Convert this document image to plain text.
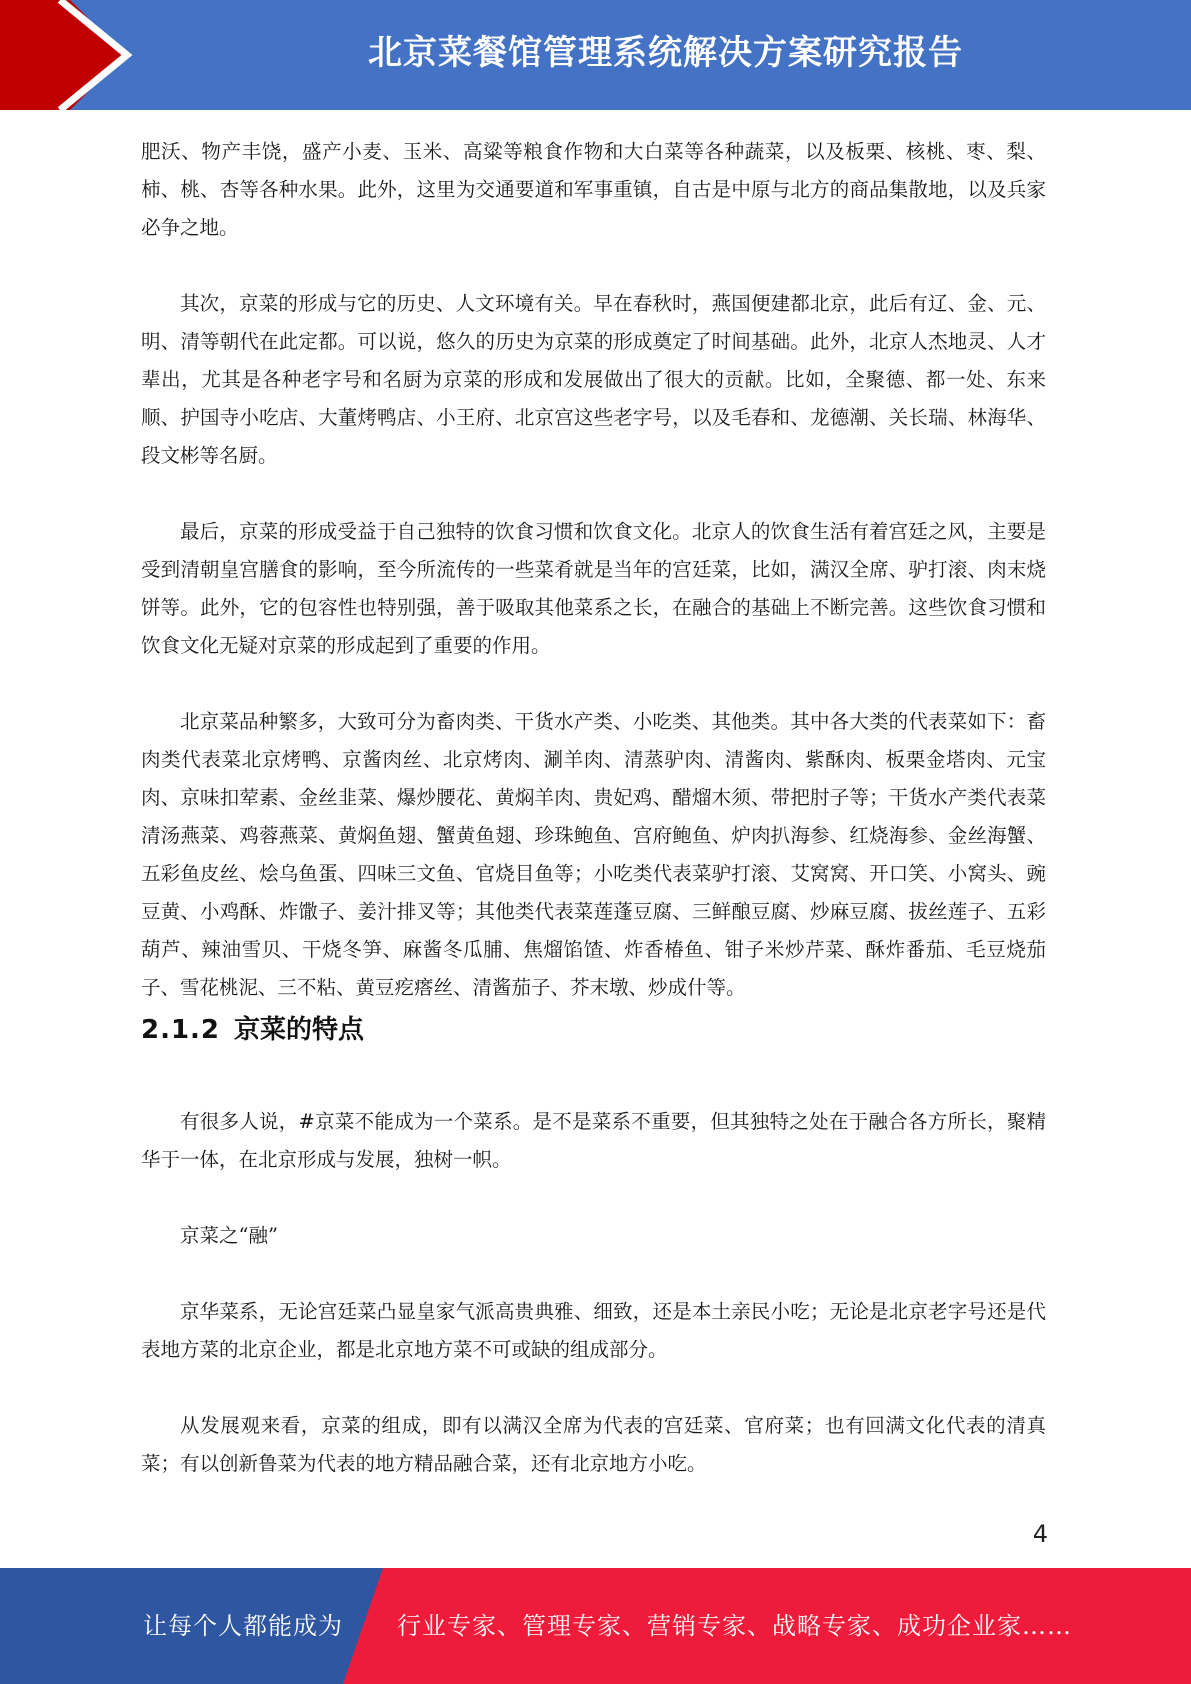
北京菜餐馆管理系统解决方案研究报告

肥沃、物产丰饶，盛产小麦、玉米、高粱等粮食作物和大白菜等各种蔬菜，以及板栗、核桃、枣、梨、柿、桃、杏等各种水果。此外，这里为交通要道和军事重镇，自古是中原与北方的商品集散地，以及兵家必争之地。

其次，京菜的形成与它的历史、人文环境有关。早在春秋时，燕国便建都北京，此后有辽、金、元、明、清等朝代在此定都。可以说，悠久的历史为京菜的形成奠定了时间基础。此外，北京人杰地灵、人才辈出，尤其是各种老字号和名厨为京菜的形成和发展做出了很大的贡献。比如，全聚德、都一处、东来顺、护国寺小吃店、大董烤鸭店、小王府、北京宫这些老字号，以及毛春和、龙德潮、关长瑞、林海华、段文彬等名厨。

最后，京菜的形成受益于自己独特的饮食习惯和饮食文化。北京人的饮食生活有着宫廷之风，主要是受到清朝皇宫膳食的影响，至今所流传的一些菜肴就是当年的宫廷菜，比如，满汉全席、驴打滚、肉末烧饼等。此外，它的包容性也特别强，善于吸取其他菜系之长，在融合的基础上不断完善。这些饮食习惯和饮食文化无疑对京菜的形成起到了重要的作用。

北京菜品种繁多，大致可分为畜肉类、干货水产类、小吃类、其他类。其中各大类的代表菜如下：畜肉类代表菜北京烤鸭、京酱肉丝、北京烤肉、涮羊肉、清蒸驴肉、清酱肉、紫酥肉、板栗金塔肉、元宝肉、京味扣荤素、金丝韭菜、爆炒腰花、黄焖羊肉、贵妃鸡、醋熘木须、带把肘子等；干货水产类代表菜清汤燕菜、鸡蓉燕菜、黄焖鱼翅、蟹黄鱼翅、珍珠鲍鱼、宫府鲍鱼、炉肉扒海参、红烧海参、金丝海蟹、五彩鱼皮丝、烩乌鱼蛋、四味三文鱼、官烧目鱼等；小吃类代表菜驴打滚、艾窝窝、开口笑、小窝头、豌豆黄、小鸡酥、炸馓子、姜汁排叉等；其他类代表菜莲蓬豆腐、三鲜酿豆腐、炒麻豆腐、拔丝莲子、五彩葫芦、辣油雪贝、干烧冬笋、麻酱冬瓜脯、焦熘馅馇、炸香椿鱼、钳子米炒芹菜、酥炸番茄、毛豆烧茄子、雪花桃泥、三不粘、黄豆疙瘩丝、清酱茄子、芥末墩、炒成什等。

2.1.2 京菜的特点

有很多人说，#京菜不能成为一个菜系。是不是菜系不重要，但其独特之处在于融合各方所长，聚精华于一体，在北京形成与发展，独树一帜。

京菜之“融”

京华菜系，无论宫廷菜凸显皇家气派高贵典雅、细致，还是本土亲民小吃；无论是北京老字号还是代表地方菜的北京企业，都是北京地方菜不可或缺的组成部分。

从发展观来看，京菜的组成，即有以满汉全席为代表的宫廷菜、官府菜；也有回满文化代表的清真菜；有以创新鲁菜为代表的地方精品融合菜，还有北京地方小吃。

4
让每个人都能成为 行业专家、管理专家、营销专家、战略专家、成功企业家……
